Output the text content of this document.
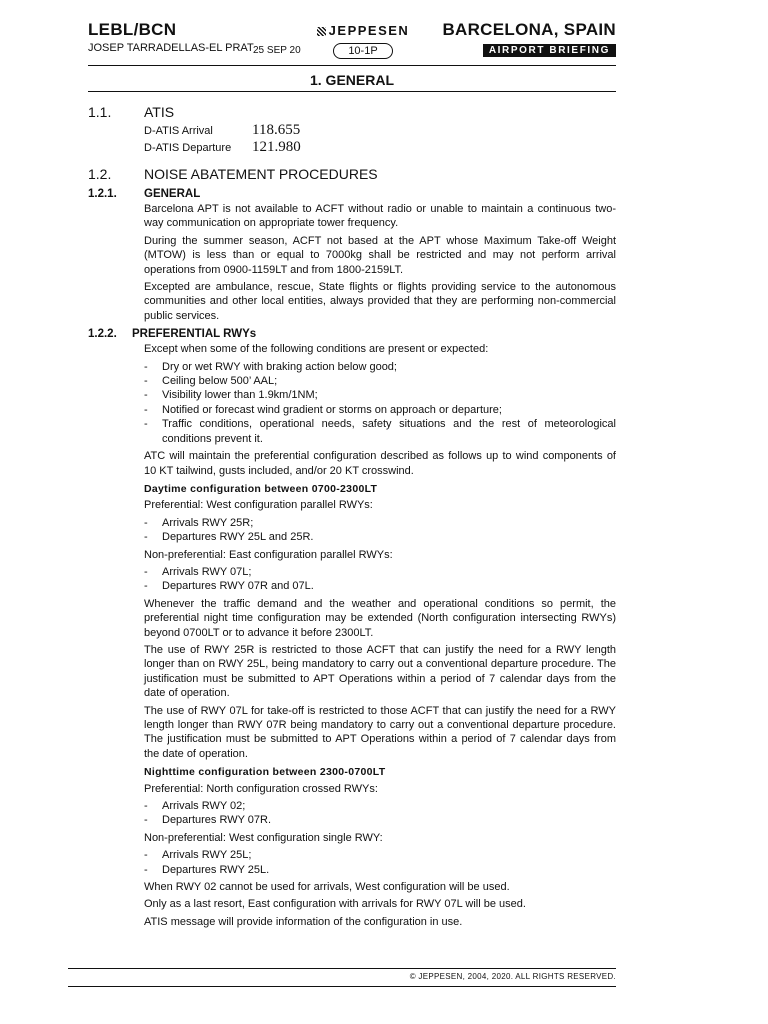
LEBL/BCN
JOSEP TARRADELLAS-EL PRAT 25 SEP 20
JEPPESEN
10-1P
BARCELONA, SPAIN
AIRPORT BRIEFING
1. GENERAL
1.1. ATIS
D-ATIS Arrival	118.655
D-ATIS Departure 121.980
1.2. NOISE ABATEMENT PROCEDURES
1.2.1. GENERAL

Barcelona APT is not available to ACFT without radio or unable to maintain a continuous two-way communication on appropriate tower frequency.

During the summer season, ACFT not based at the APT whose Maximum Take-off Weight (MTOW) is less than or equal to 7000kg shall be restricted and may not perform arrival operations from 0900-1159LT and from 1800-2159LT.

Excepted are ambulance, rescue, State flights or flights providing service to the autonomous communities and other local entities, always provided that they are performing non-commercial public services.

1.2.2. PREFERENTIAL RWYs

Except when some of the following conditions are present or expected:

- Dry or wet RWY with braking action below good;
- Ceiling below 500’ AAL;
- Visibility lower than 1.9km/1NM;
- Notified or forecast wind gradient or storms on approach or departure;
- Traffic conditions, operational needs, safety situations and the rest of meteorological conditions prevent it.

ATC will maintain the preferential configuration described as follows up to wind components of 10 KT tailwind, gusts included, and/or 20 KT crosswind.

Daytime configuration between 0700-2300LT

Preferential: West configuration parallel RWYs:

- Arrivals RWY 25R;
- Departures RWY 25L and 25R.

Non-preferential: East configuration parallel RWYs:

- Arrivals RWY 07L;
- Departures RWY 07R and 07L.

Whenever the traffic demand and the weather and operational conditions so permit, the preferential night time configuration may be extended (North configuration intersecting RWYs) beyond 0700LT or to advance it before 2300LT.

The use of RWY 25R is restricted to those ACFT that can justify the need for a RWY length longer than on RWY 25L, being mandatory to carry out a conventional departure procedure. The justification must be submitted to APT Operations within a period of 7 calendar days from the date of operation.

The use of RWY 07L for take-off is restricted to those ACFT that can justify the need for a RWY length longer than RWY 07R being mandatory to carry out a conventional departure procedure. The justification must be submitted to APT Operations within a period of 7 calendar days from the date of operation.

Nighttime configuration between 2300-0700LT

Preferential: North configuration crossed RWYs:

- Arrivals RWY 02;
- Departures RWY 07R.

Non-preferential: West configuration single RWY:

- Arrivals RWY 25L;
- Departures RWY 25L.

When RWY 02 cannot be used for arrivals, West configuration will be used.

Only as a last resort, East configuration with arrivals for RWY 07L will be used.

ATIS message will provide information of the configuration in use.

© JEPPESEN, 2004, 2020. ALL RIGHTS RESERVED.
